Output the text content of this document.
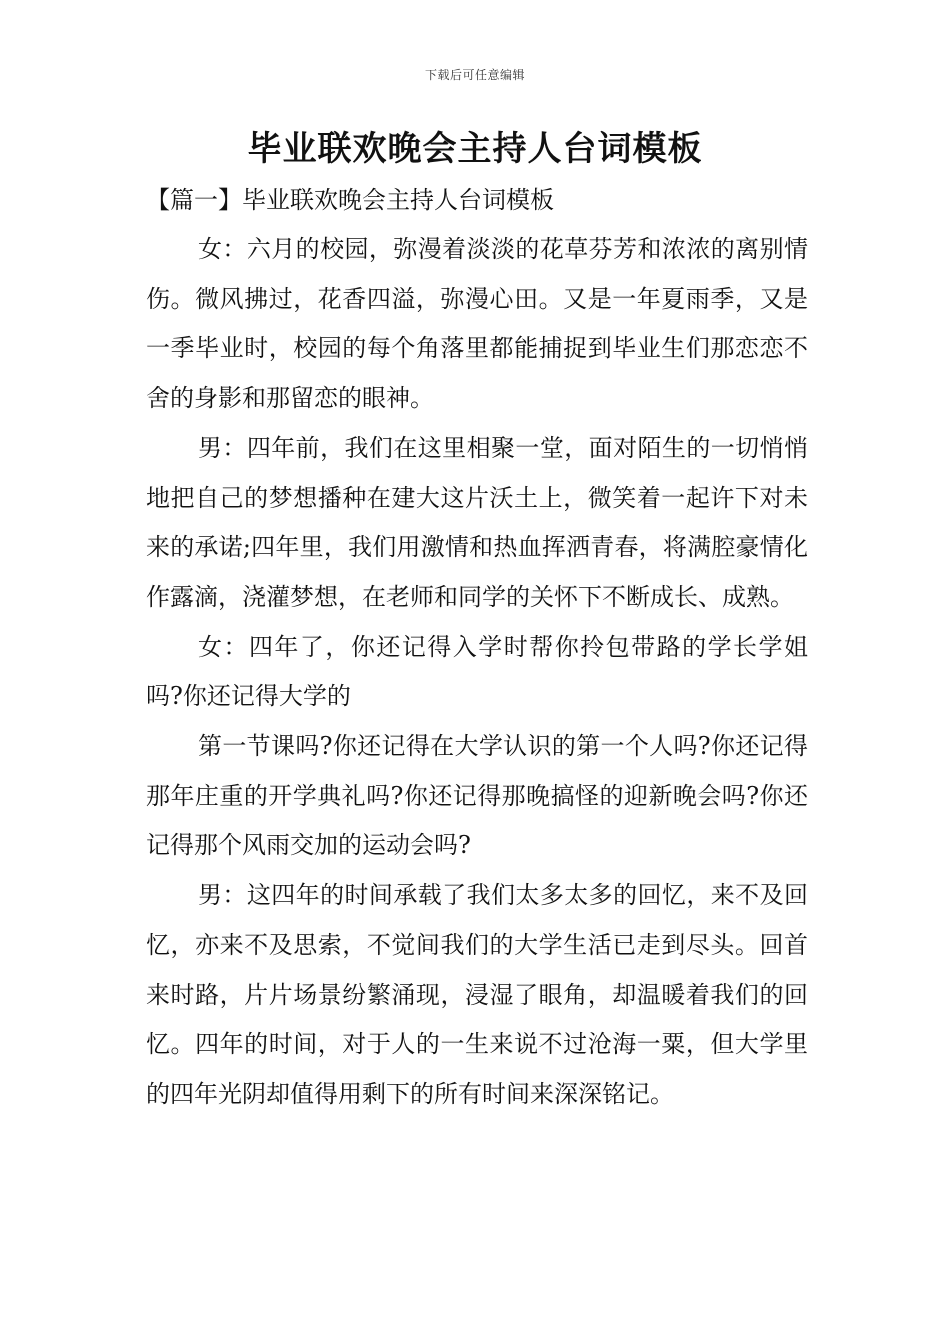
下载后可任意编辑
毕业联欢晚会主持人台词模板

【篇一】毕业联欢晚会主持人台词模板

女：六月的校园，弥漫着淡淡的花草芬芳和浓浓的离别情伤。微风拂过，花香四溢，弥漫心田。又是一年夏雨季，又是一季毕业时，校园的每个角落里都能捕捉到毕业生们那恋恋不舍的身影和那留恋的眼神。

男：四年前，我们在这里相聚一堂，面对陌生的一切悄悄地把自己的梦想播种在建大这片沃土上，微笑着一起许下对未来的承诺;四年里，我们用激情和热血挥洒青春，将满腔豪情化作露滴，浇灌梦想，在老师和同学的关怀下不断成长、成熟。

女：四年了，你还记得入学时帮你拎包带路的学长学姐吗?你还记得大学的

第一节课吗?你还记得在大学认识的第一个人吗?你还记得那年庄重的开学典礼吗?你还记得那晚搞怪的迎新晚会吗?你还记得那个风雨交加的运动会吗?

男：这四年的时间承载了我们太多太多的回忆，来不及回忆，亦来不及思索，不觉间我们的大学生活已走到尽头。回首来时路，片片场景纷繁涌现，浸湿了眼角，却温暖着我们的回忆。四年的时间，对于人的一生来说不过沧海一粟，但大学里的四年光阴却值得用剩下的所有时间来深深铭记。
